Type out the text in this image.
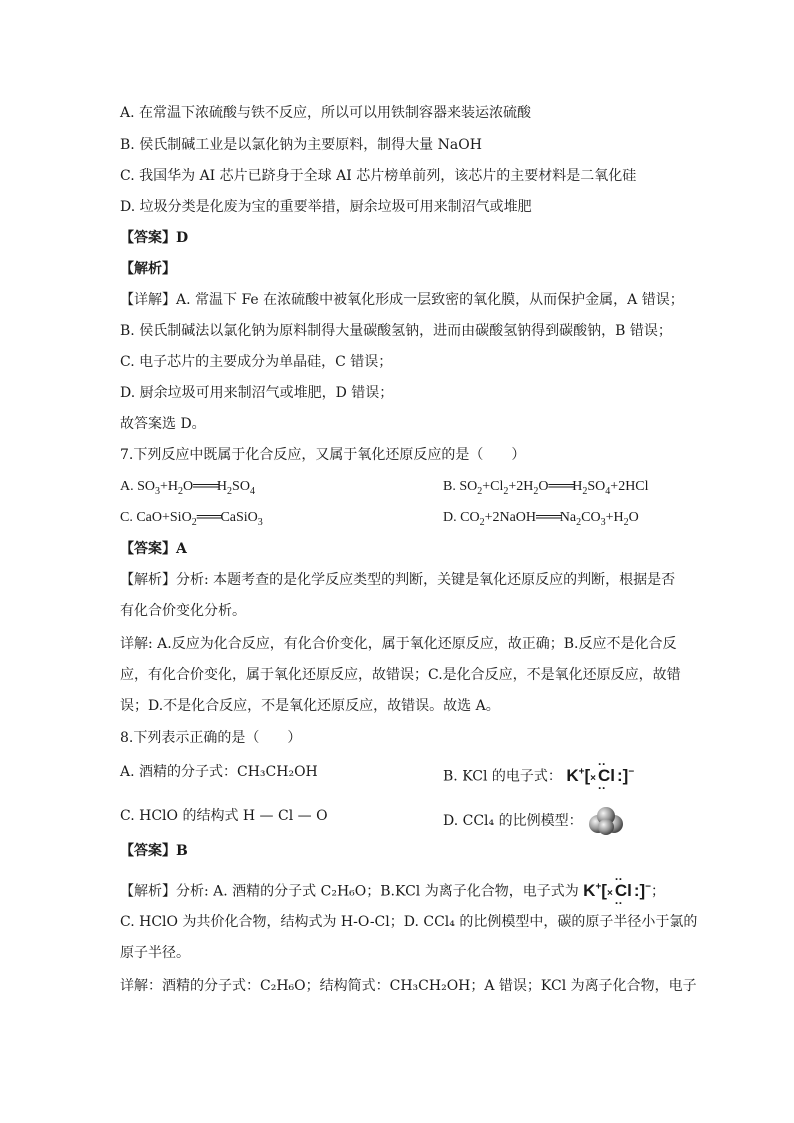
A. 在常温下浓硫酸与铁不反应，所以可以用铁制容器来装运浓硫酸
B. 侯氏制碱工业是以氯化钠为主要原料，制得大量 NaOH
C. 我国华为 AI 芯片已跻身于全球 AI 芯片榜单前列，该芯片的主要材料是二氧化硅
D. 垃圾分类是化废为宝的重要举措，厨余垃圾可用来制沼气或堆肥
【答案】D
【解析】
【详解】A. 常温下 Fe 在浓硫酸中被氧化形成一层致密的氧化膜，从而保护金属，A 错误；
B. 侯氏制碱法以氯化钠为原料制得大量碳酸氢钠，进而由碳酸氢钠得到碳酸钠，B 错误；
C. 电子芯片的主要成分为单晶硅，C 错误；
D. 厨余垃圾可用来制沼气或堆肥，D 错误；
故答案选 D。
7.下列反应中既属于化合反应，又属于氧化还原反应的是（　　）
A. $SO_3+H_2O═══H_2SO_4$	B. $SO_2+Cl_2+2H_2O═══H_2SO_4+2HCl$
C. CaO+SiO$_2$═══CaSiO$_3$	D. $CO_2+2NaOH═══Na_2CO_3+H_2O$
【答案】A
【解析】分析: 本题考查的是化学反应类型的判断，关键是氧化还原反应的判断，根据是否
有化合价变化分析。
详解: A.反应为化合反应，有化合价变化，属于氧化还原反应，故正确；B.反应不是化合反
应，有化合价变化，属于氧化还原反应，故错误；C.是化合反应，不是氧化还原反应，故错
误；D.不是化合反应，不是氧化还原反应，故错误。故选 A。
8.下列表示正确的是（　　）
A. 酒精的分子式：CH₃CH₂OH	B. KCl 的电子式： K+[× ·· Cl ·· :]−
C. HClO 的结构式 H — Cl — O	D. CCl₄ 的比例模型：
【答案】B
【解析】分析: A. 酒精的分子式 C₂H₆O；B.KCl 为离子化合物，电子式为 K+[× ·· Cl ·· :]−；
C. HClO 为共价化合物，结构式为 H-O-Cl；D. CCl₄ 的比例模型中，碳的原子半径小于氯的
原子半径。
详解：酒精的分子式：C₂H₆O；结构简式：CH₃CH₂OH；A 错误；KCl 为离子化合物，电子
